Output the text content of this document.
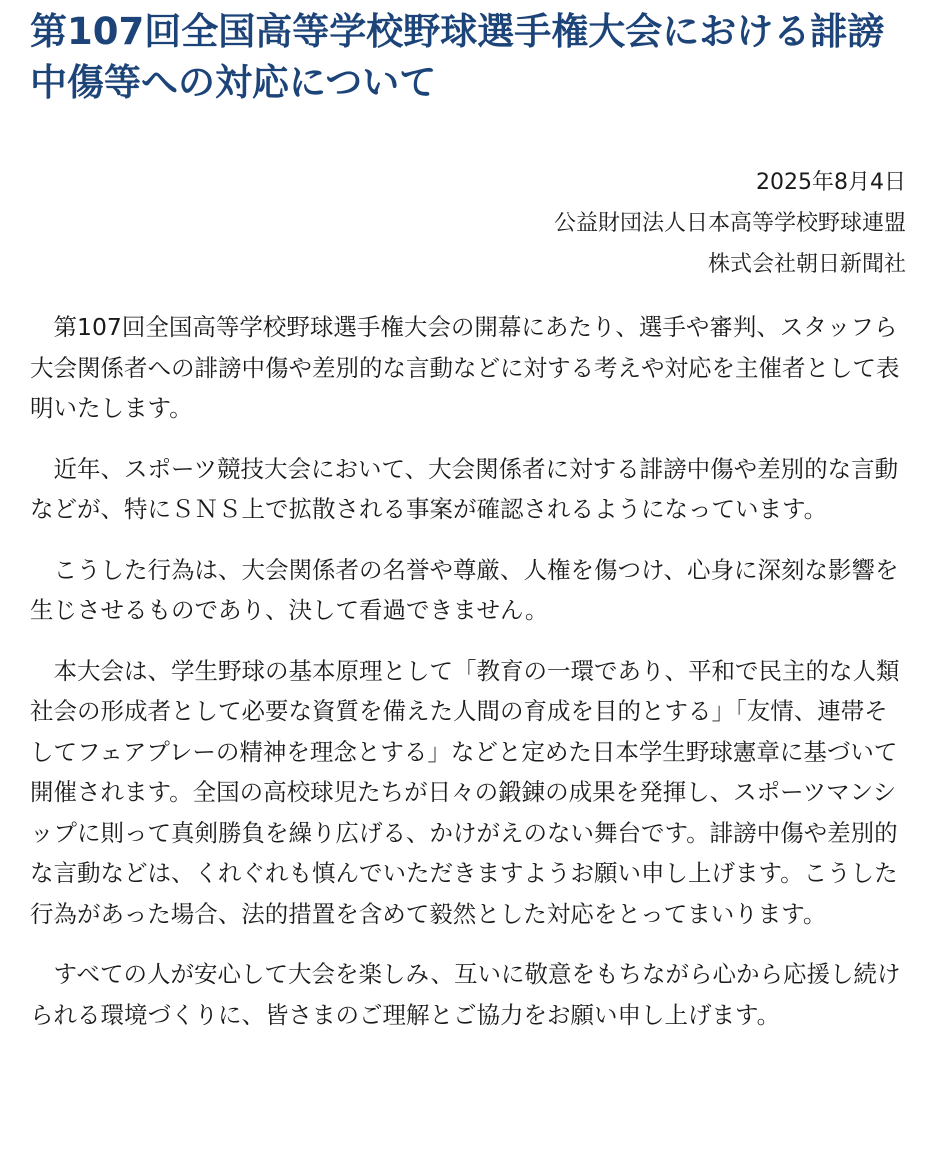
第107回全国高等学校野球選手権大会における誹謗中傷等への対応について
2025年8月4日
公益財団法人日本高等学校野球連盟
株式会社朝日新聞社

第107回全国高等学校野球選手権大会の開幕にあたり、選手や審判、スタッフら大会関係者への誹謗中傷や差別的な言動などに対する考えや対応を主催者として表明いたします。

近年、スポーツ競技大会において、大会関係者に対する誹謗中傷や差別的な言動などが、特にＳＮＳ上で拡散される事案が確認されるようになっています。

こうした行為は、大会関係者の名誉や尊厳、人権を傷つけ、心身に深刻な影響を生じさせるものであり、決して看過できません。

本大会は、学生野球の基本原理として「教育の一環であり、平和で民主的な人類社会の形成者として必要な資質を備えた人間の育成を目的とする」「友情、連帯そしてフェアプレーの精神を理念とする」などと定めた日本学生野球憲章に基づいて開催されます。全国の高校球児たちが日々の鍛錬の成果を発揮し、スポーツマンシップに則って真剣勝負を繰り広げる、かけがえのない舞台です。誹謗中傷や差別的な言動などは、くれぐれも慎んでいただきますようお願い申し上げます。こうした行為があった場合、法的措置を含めて毅然とした対応をとってまいります。

すべての人が安心して大会を楽しみ、互いに敬意をもちながら心から応援し続けられる環境づくりに、皆さまのご理解とご協力をお願い申し上げます。
